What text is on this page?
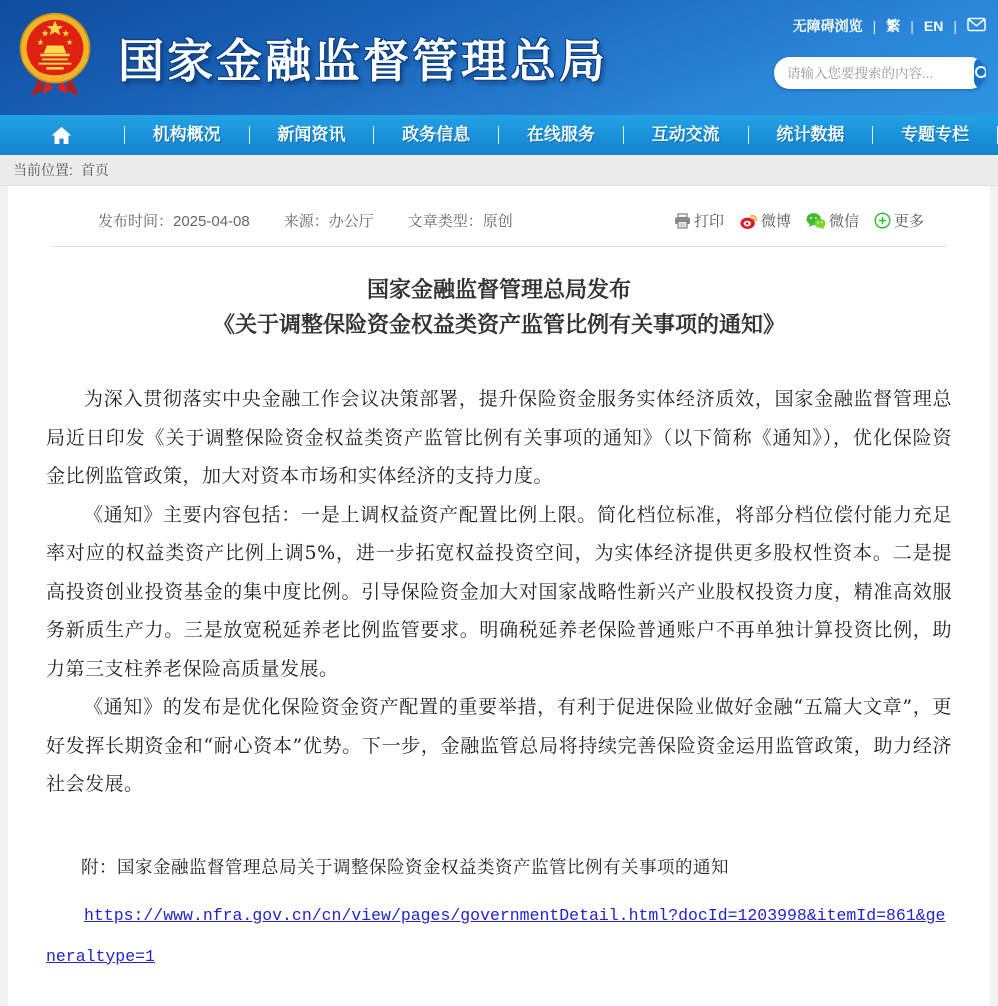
★ ★
★	★ 国家金融监督管理总局
无障碍浏览 | 繁 | EN |
请输入您要搜索的内容...
机构概况	新闻资讯	政务信息	在线服务	互动交流	统计数据	专题专栏
当前位置: 首页
发布时间：2025-04-08 来源：办公厅 文章类型：原创	打印 微博	微信 更多
国家金融监督管理总局发布
《关于调整保险资金权益类资产监管比例有关事项的通知》

为深入贯彻落实中央金融工作会议决策部署，提升保险资金服务实体经济质效，国家金融监督管理总局近日印发《关于调整保险资金权益类资产监管比例有关事项的通知》（以下简称《通知》），优化保险资金比例监管政策，加大对资本市场和实体经济的支持力度。

《通知》主要内容包括：一是上调权益资产配置比例上限。简化档位标准，将部分档位偿付能力充足率对应的权益类资产比例上调5%，进一步拓宽权益投资空间，为实体经济提供更多股权性资本。二是提高投资创业投资基金的集中度比例。引导保险资金加大对国家战略性新兴产业股权投资力度，精准高效服务新质生产力。三是放宽税延养老比例监管要求。明确税延养老保险普通账户不再单独计算投资比例，助力第三支柱养老保险高质量发展。

《通知》的发布是优化保险资金资产配置的重要举措，有利于促进保险业做好金融“五篇大文章”，更好发挥长期资金和“耐心资本”优势。下一步，金融监管总局将持续完善保险资金运用监管政策，助力经济社会发展。

附：国家金融监督管理总局关于调整保险资金权益类资产监管比例有关事项的通知

https://www.nfra.gov.cn/cn/view/pages/governmentDetail.html?docId=1203998&itemId=861&generaltype=1
